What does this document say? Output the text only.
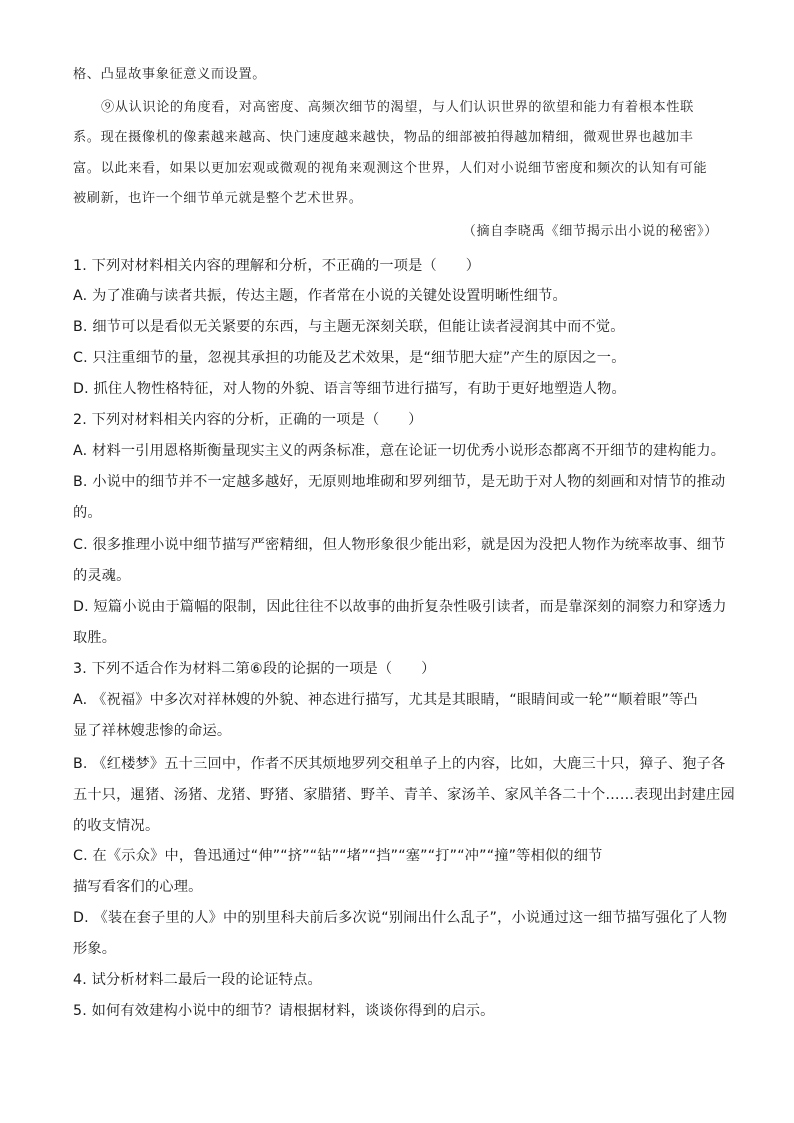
格、凸显故事象征意义而设置。
⑨从认识论的角度看，对高密度、高频次细节的渴望，与人们认识世界的欲望和能力有着根本性联
系。现在摄像机的像素越来越高、快门速度越来越快，物品的细部被拍得越加精细，微观世界也越加丰
富。以此来看，如果以更加宏观或微观的视角来观测这个世界，人们对小说细节密度和频次的认知有可能
被刷新，也许一个细节单元就是整个艺术世界。
（摘自李晓禹《细节揭示出小说的秘密》）
1. 下列对材料相关内容的理解和分析，不正确的一项是（　　）
A. 为了准确与读者共振，传达主题，作者常在小说的关键处设置明晰性细节。
B. 细节可以是看似无关紧要的东西，与主题无深刻关联，但能让读者浸润其中而不觉。
C. 只注重细节的量，忽视其承担的功能及艺术效果，是“细节肥大症”产生的原因之一。
D. 抓住人物性格特征，对人物的外貌、语言等细节进行描写，有助于更好地塑造人物。
2. 下列对材料相关内容的分析，正确的一项是（　　）
A. 材料一引用恩格斯衡量现实主义的两条标准，意在论证一切优秀小说形态都离不开细节的建构能力。
B. 小说中的细节并不一定越多越好，无原则地堆砌和罗列细节，是无助于对人物的刻画和对情节的推动
的。
C. 很多推理小说中细节描写严密精细，但人物形象很少能出彩，就是因为没把人物作为统率故事、细节
的灵魂。
D. 短篇小说由于篇幅的限制，因此往往不以故事的曲折复杂性吸引读者，而是靠深刻的洞察力和穿透力
取胜。
3. 下列不适合作为材料二第⑥段的论据的一项是（　　）
A. 《祝福》中多次对祥林嫂的外貌、神态进行描写，尤其是其眼睛，“眼睛间或一轮”“顺着眼”等凸
显了祥林嫂悲惨的命运。
B. 《红楼梦》五十三回中，作者不厌其烦地罗列交租单子上的内容，比如，大鹿三十只，獐子、狍子各
五十只，暹猪、汤猪、龙猪、野猪、家腊猪、野羊、青羊、家汤羊、家风羊各二十个……表现出封建庄园
的收支情况。
C. 在《示众》中，鲁迅通过“伸”“挤”“钻”“堵”“挡”“塞”“打”“冲”“撞”等相似的细节
描写看客们的心理。
D. 《装在套子里的人》中的别里科夫前后多次说“别闹出什么乱子”，小说通过这一细节描写强化了人物
形象。
4. 试分析材料二最后一段的论证特点。
5. 如何有效建构小说中的细节？请根据材料，谈谈你得到的启示。
